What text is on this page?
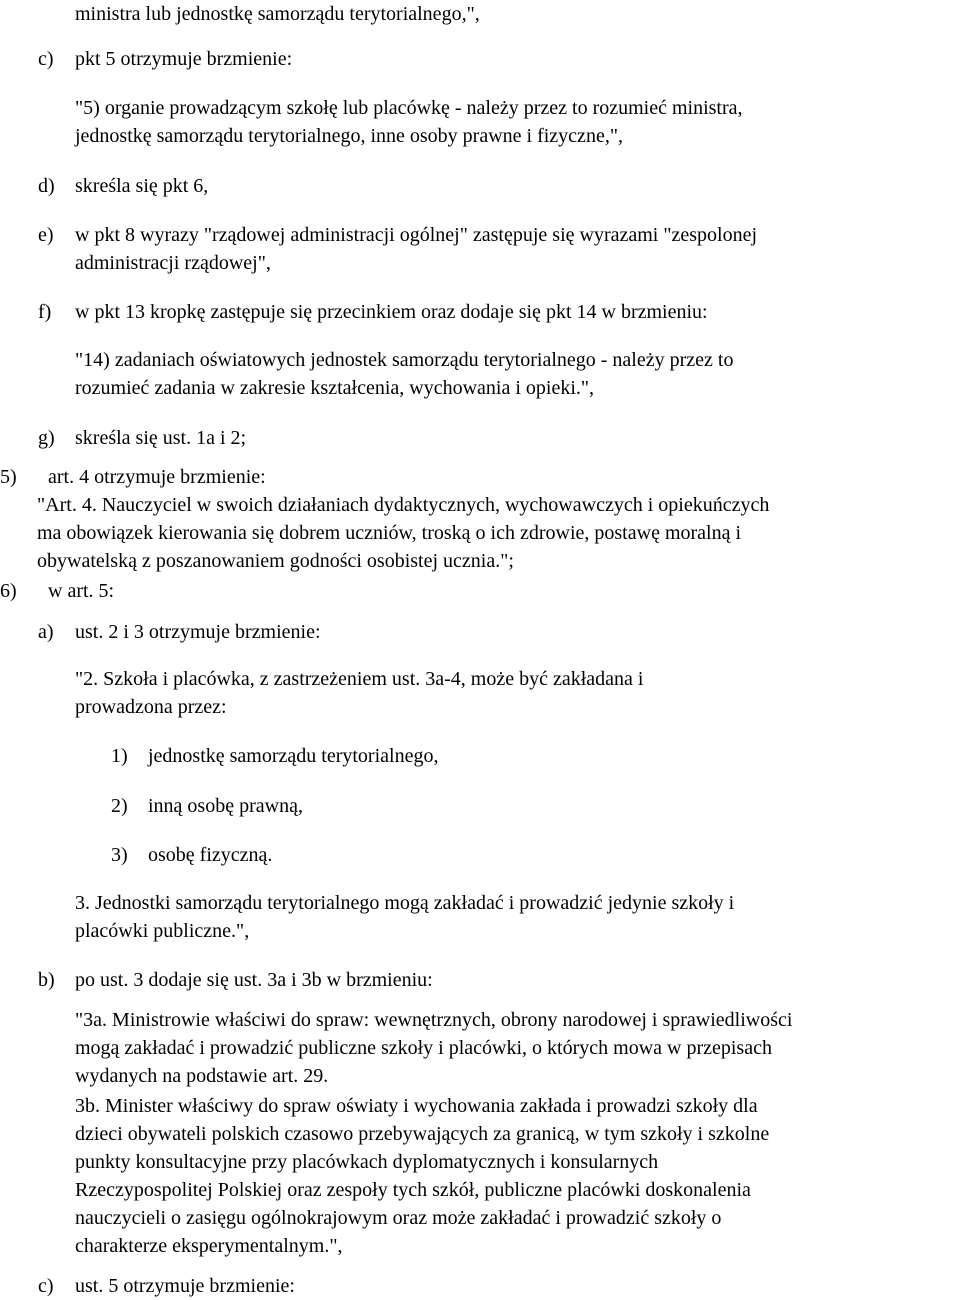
ministra lub jednostkę samorządu terytorialnego,",
c) pkt 5 otrzymuje brzmienie:
"5) organie prowadzącym szkołę lub placówkę - należy przez to rozumieć ministra,
jednostkę samorządu terytorialnego, inne osoby prawne i fizyczne,",
d) skreśla się pkt 6,
e) w pkt 8 wyrazy "rządowej administracji ogólnej" zastępuje się wyrazami "zespolonej
administracji rządowej",
f) w pkt 13 kropkę zastępuje się przecinkiem oraz dodaje się pkt 14 w brzmieniu:
"14) zadaniach oświatowych jednostek samorządu terytorialnego - należy przez to
rozumieć zadania w zakresie kształcenia, wychowania i opieki.",
g) skreśla się ust. 1a i 2;
5) art. 4 otrzymuje brzmienie:
"Art. 4. Nauczyciel w swoich działaniach dydaktycznych, wychowawczych i opiekuńczych
ma obowiązek kierowania się dobrem uczniów, troską o ich zdrowie, postawę moralną i
obywatelską z poszanowaniem godności osobistej ucznia.";
6) w art. 5:
a) ust. 2 i 3 otrzymuje brzmienie:
"2. Szkoła i placówka, z zastrzeżeniem ust. 3a-4, może być zakładana i
prowadzona przez:
1) jednostkę samorządu terytorialnego,
2) inną osobę prawną,
3) osobę fizyczną.
3. Jednostki samorządu terytorialnego mogą zakładać i prowadzić jedynie szkoły i
placówki publiczne.",
b) po ust. 3 dodaje się ust. 3a i 3b w brzmieniu:
"3a. Ministrowie właściwi do spraw: wewnętrznych, obrony narodowej i sprawiedliwości
mogą zakładać i prowadzić publiczne szkoły i placówki, o których mowa w przepisach
wydanych na podstawie art. 29.
3b. Minister właściwy do spraw oświaty i wychowania zakłada i prowadzi szkoły dla
dzieci obywateli polskich czasowo przebywających za granicą, w tym szkoły i szkolne
punkty konsultacyjne przy placówkach dyplomatycznych i konsularnych
Rzeczypospolitej Polskiej oraz zespoły tych szkół, publiczne placówki doskonalenia
nauczycieli o zasięgu ogólnokrajowym oraz może zakładać i prowadzić szkoły o
charakterze eksperymentalnym.",
c) ust. 5 otrzymuje brzmienie:
